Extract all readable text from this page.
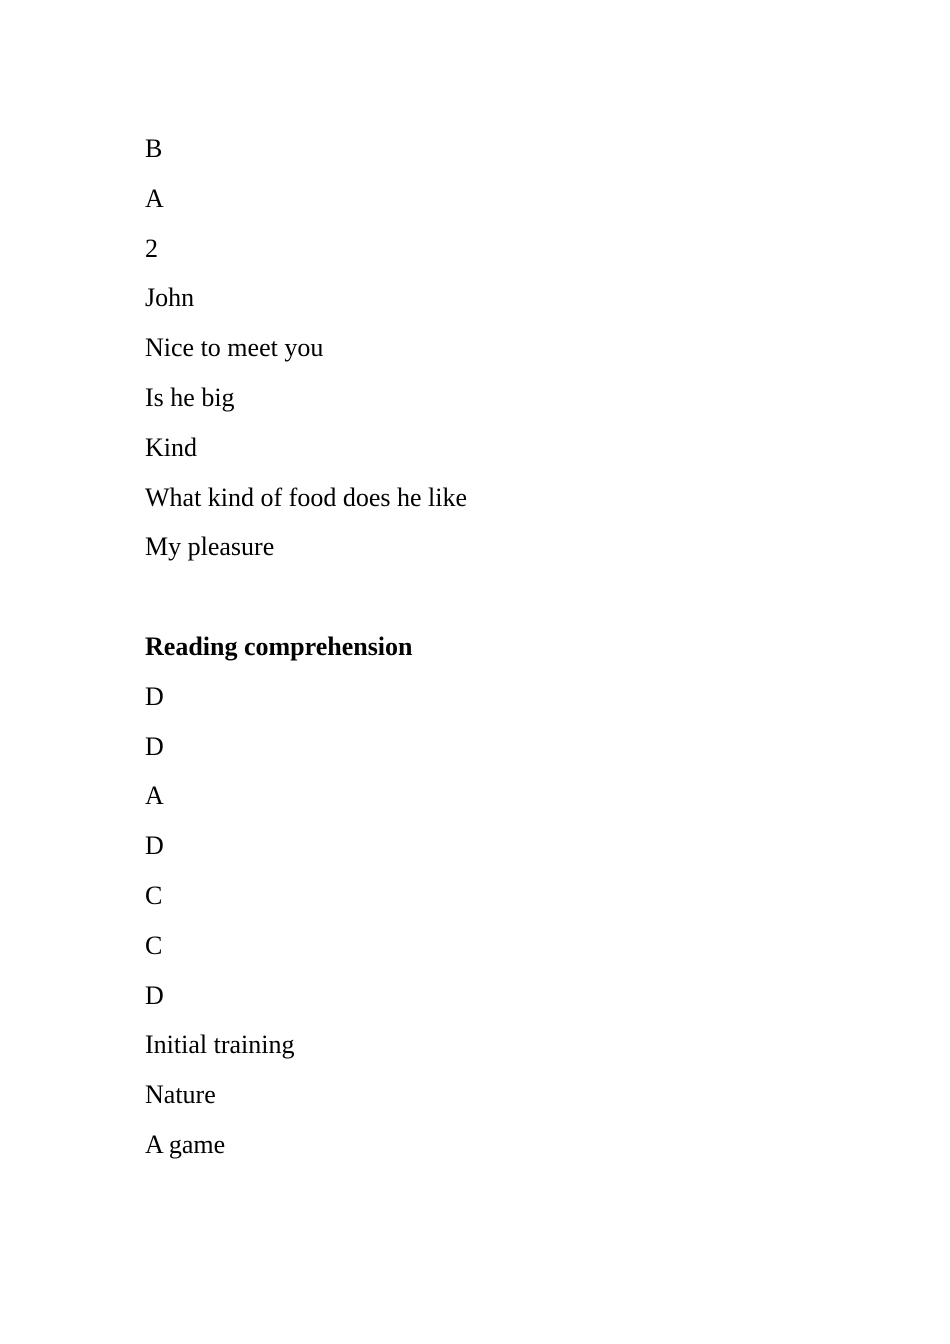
B
A
2
John
Nice to meet you
Is he big
Kind
What kind of food does he like
My pleasure
Reading comprehension
D
D
A
D
C
C
D
Initial training
Nature
A game
